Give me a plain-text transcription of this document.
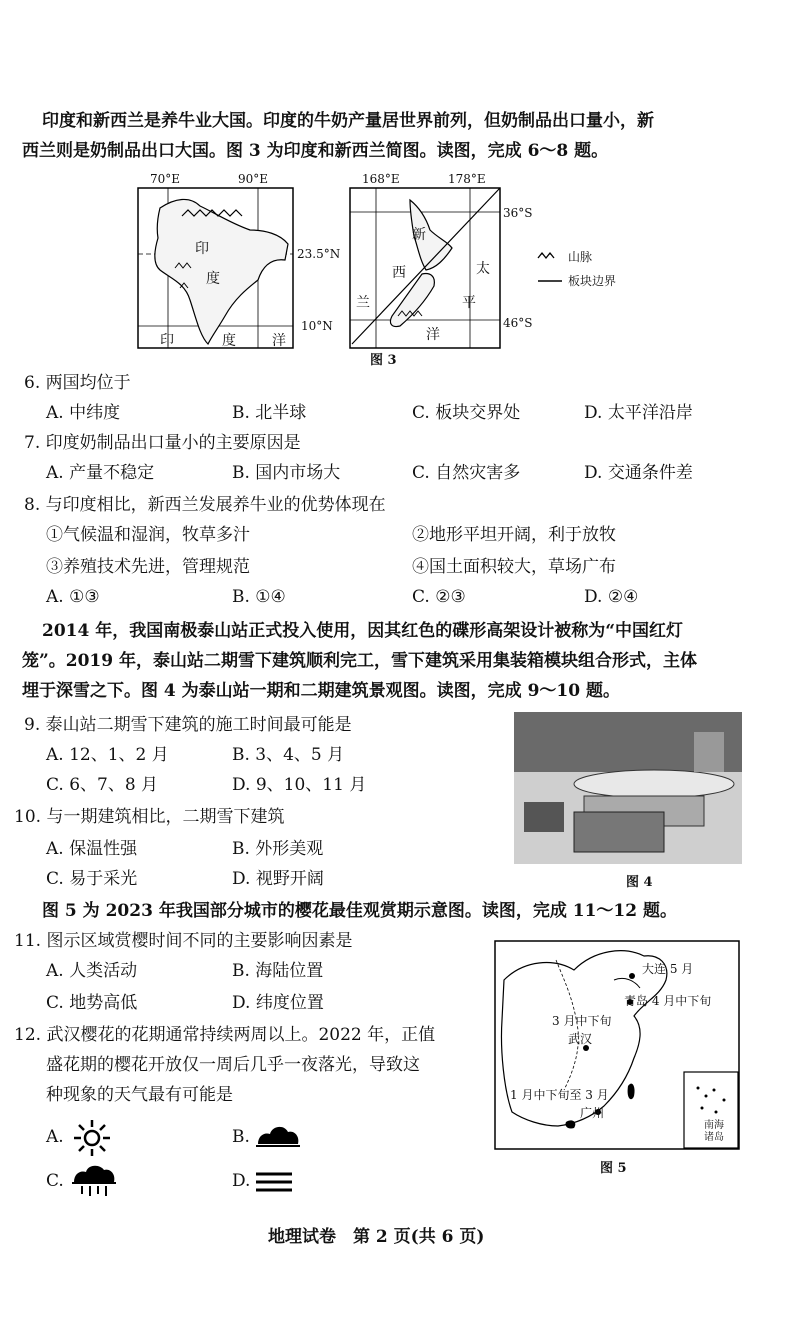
印度和新西兰是养牛业大国。印度的牛奶产量居世界前列，但奶制品出口量小，新
西兰则是奶制品出口大国。图 3 为印度和新西兰简图。读图，完成 6～8 题。
70°E	90°E
23.5°N
10°N
印
度
印	度	洋
168°E	178°E
36°S
46°S
新
西
兰
太
平
洋
山脉
板块边界
图 3
6. 两国均位于
A. 中纬度	B. 北半球	C. 板块交界处	D. 太平洋沿岸
7. 印度奶制品出口量小的主要原因是
A. 产量不稳定	B. 国内市场大	C. 自然灾害多	D. 交通条件差
8. 与印度相比，新西兰发展养牛业的优势体现在
①气候温和湿润，牧草多汁	②地形平坦开阔，利于放牧
③养殖技术先进，管理规范	④国土面积较大，草场广布
A. ①③	B. ①④	C. ②③	D. ②④
2014 年，我国南极泰山站正式投入使用，因其红色的碟形高架设计被称为“中国红灯
笼”。2019 年，泰山站二期雪下建筑顺利完工，雪下建筑采用集装箱模块组合形式，主体
埋于深雪之下。图 4 为泰山站一期和二期建筑景观图。读图，完成 9～10 题。
9. 泰山站二期雪下建筑的施工时间最可能是
A. 12、1、2 月	B. 3、4、5 月
C. 6、7、8 月	D. 9、10、11 月
10. 与一期建筑相比，二期雪下建筑
A. 保温性强	B. 外形美观
C. 易于采光	D. 视野开阔	图 4
图 5 为 2023 年我国部分城市的樱花最佳观赏期示意图。读图，完成 11～12 题。
11. 图示区域赏樱时间不同的主要影响因素是
A. 人类活动	B. 海陆位置
C. 地势高低	D. 纬度位置
12. 武汉樱花的花期通常持续两周以上。2022 年，正值
盛花期的樱花开放仅一周后几乎一夜落光，导致这
种现象的天气最有可能是
A.	B.
C.	D.
大连 5 月
青岛 4 月中下旬
3 月中下旬
武汉
1 月中下旬至 3 月
广州
南海
诸岛
图 5
地理试卷　第 2 页(共 6 页)
